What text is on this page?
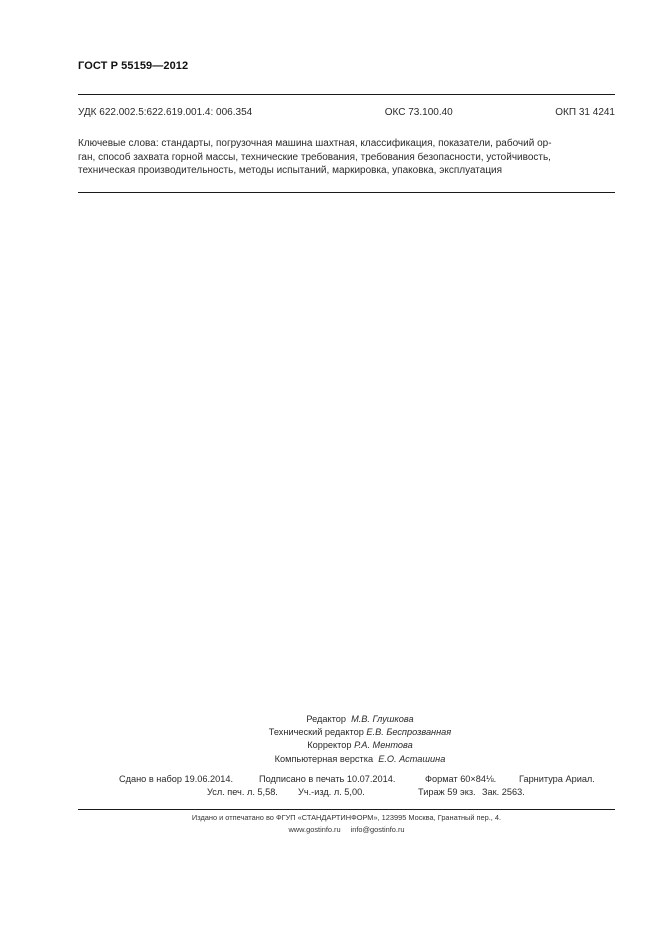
ГОСТ Р 55159—2012
УДК 622.002.5:622.619.001.4: 006.354	ОКС 73.100.40	ОКП 31 4241
Ключевые слова: стандарты, погрузочная машина шахтная, классификация, показатели, рабочий ор-
ган, способ захвата горной массы, технические требования, требования безопасности, устойчивость,
техническая производительность, методы испытаний, маркировка, упаковка, эксплуатация
Редактор М.В. Глушкова
Технический редактор Е.В. Беспрозванная
Корректор Р.А. Ментова
Компьютерная верстка Е.О. Асташина
Сдано в набор 19.06.2014.	Подписано в печать 10.07.2014.	Формат 60×84⅛. Гарнитура Ариал.
Усл. печ. л. 5,58. Уч.-изд. л. 5,00.	Тираж 59 экз. Зак. 2563.
Издано и отпечатано во ФГУП «СТАНДАРТИНФОРМ», 123995 Москва, Гранатный пер., 4.
www.gostinfo.ru info@gostinfo.ru
